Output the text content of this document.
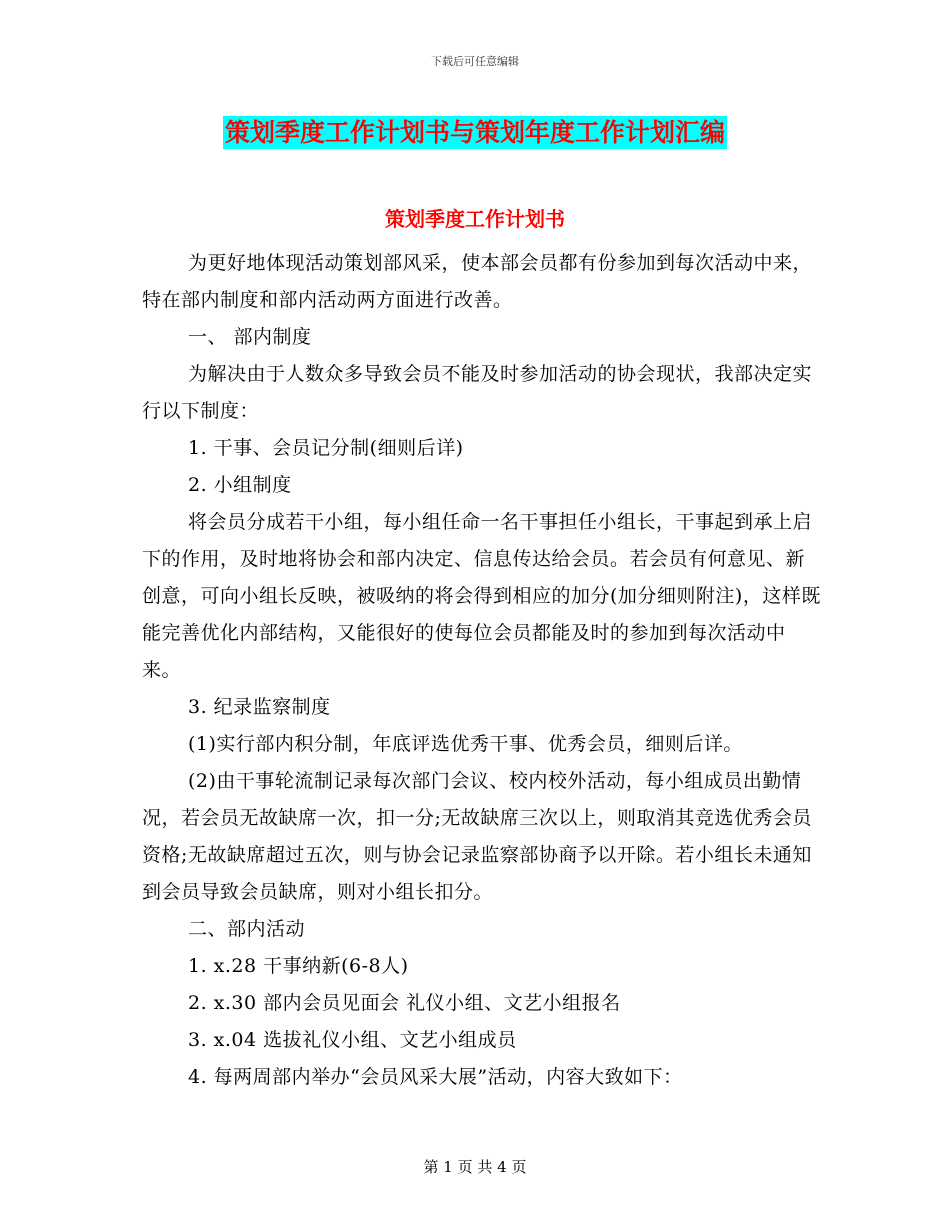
下载后可任意编辑
策划季度工作计划书与策划年度工作计划汇编
策划季度工作计划书

为更好地体现活动策划部风采，使本部会员都有份参加到每次活动中来，特在部内制度和部内活动两方面进行改善。

一、 部内制度

为解决由于人数众多导致会员不能及时参加活动的协会现状，我部决定实行以下制度：

1. 干事、会员记分制(细则后详)

2. 小组制度

将会员分成若干小组，每小组任命一名干事担任小组长，干事起到承上启下的作用，及时地将协会和部内决定、信息传达给会员。若会员有何意见、新创意，可向小组长反映，被吸纳的将会得到相应的加分(加分细则附注)，这样既能完善优化内部结构，又能很好的使每位会员都能及时的参加到每次活动中来。

3. 纪录监察制度

(1)实行部内积分制，年底评选优秀干事、优秀会员，细则后详。

(2)由干事轮流制记录每次部门会议、校内校外活动，每小组成员出勤情况，若会员无故缺席一次，扣一分;无故缺席三次以上，则取消其竞选优秀会员资格;无故缺席超过五次，则与协会记录监察部协商予以开除。若小组长未通知到会员导致会员缺席，则对小组长扣分。

二、部内活动

1. x.28 干事纳新(6-8人)

2. x.30 部内会员见面会 礼仪小组、文艺小组报名

3. x.04 选拔礼仪小组、文艺小组成员

4. 每两周部内举办“会员风采大展”活动，内容大致如下：

第 1 页 共 4 页
